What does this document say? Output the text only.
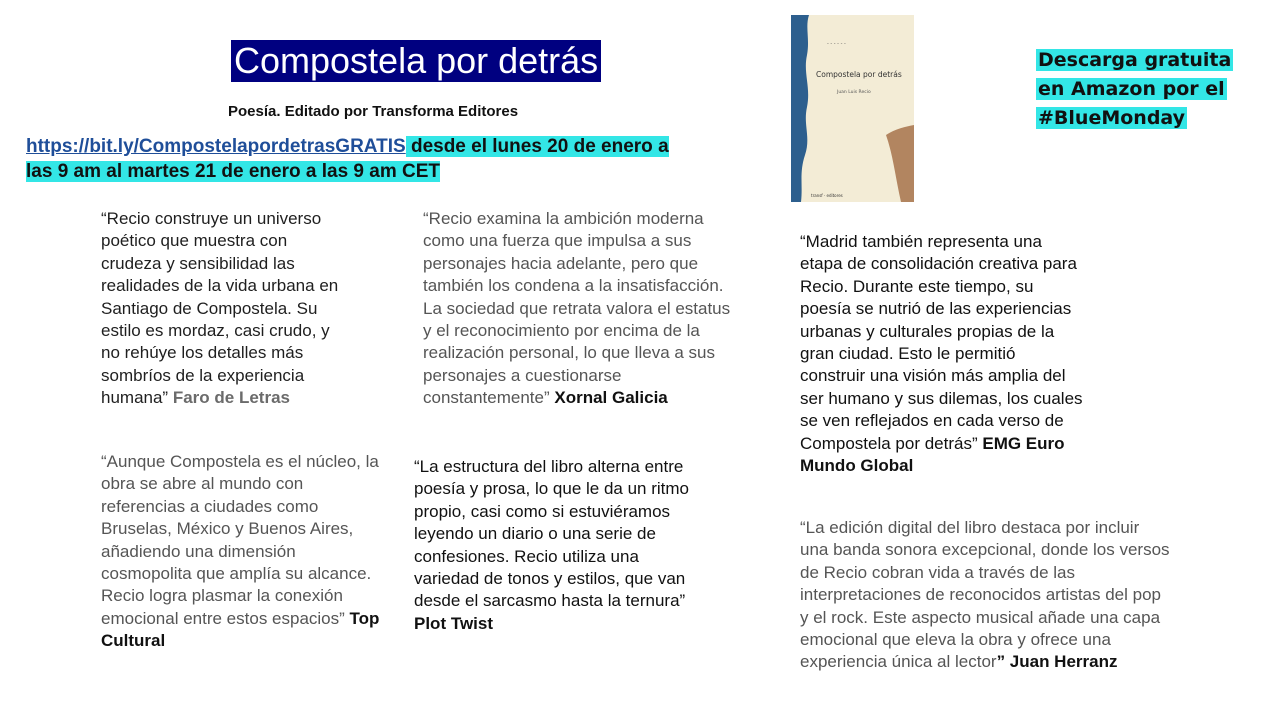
Compostela por detrás
Poesía. Editado por Transforma Editores
https://bit.ly/CompostelapordetrasGRATIS desde el lunes 20 de enero a las 9 am al martes 21 de enero a las 9 am CET
- - - - - -
Compostela por detrás
Juan Luis Recio
transf · editores
Descarga gratuita
en Amazon por el
#BlueMonday
“Recio construye un universo poético que muestra con crudeza y sensibilidad las realidades de la vida urbana en Santiago de Compostela. Su estilo es mordaz, casi crudo, y no rehúye los detalles más sombríos de la experiencia humana” Faro de Letras
“Aunque Compostela es el núcleo, la obra se abre al mundo con referencias a ciudades como Bruselas, México y Buenos Aires, añadiendo una dimensión cosmopolita que amplía su alcance. Recio logra plasmar la conexión emocional entre estos espacios” Top Cultural
“Recio examina la ambición moderna como una fuerza que impulsa a sus personajes hacia adelante, pero que también los condena a la insatisfacción. La sociedad que retrata valora el estatus y el reconocimiento por encima de la realización personal, lo que lleva a sus personajes a cuestionarse constantemente” Xornal Galicia
“La estructura del libro alterna entre poesía y prosa, lo que le da un ritmo propio, casi como si estuviéramos leyendo un diario o una serie de confesiones. Recio utiliza una variedad de tonos y estilos, que van desde el sarcasmo hasta la ternura” Plot Twist
“Madrid también representa una etapa de consolidación creativa para Recio. Durante este tiempo, su poesía se nutrió de las experiencias urbanas y culturales propias de la gran ciudad. Esto le permitió construir una visión más amplia del ser humano y sus dilemas, los cuales se ven reflejados en cada verso de Compostela por detrás” EMG Euro Mundo Global
“La edición digital del libro destaca por incluir una banda sonora excepcional, donde los versos de Recio cobran vida a través de las interpretaciones de reconocidos artistas del pop y el rock. Este aspecto musical añade una capa emocional que eleva la obra y ofrece una experiencia única al lector” Juan Herranz
